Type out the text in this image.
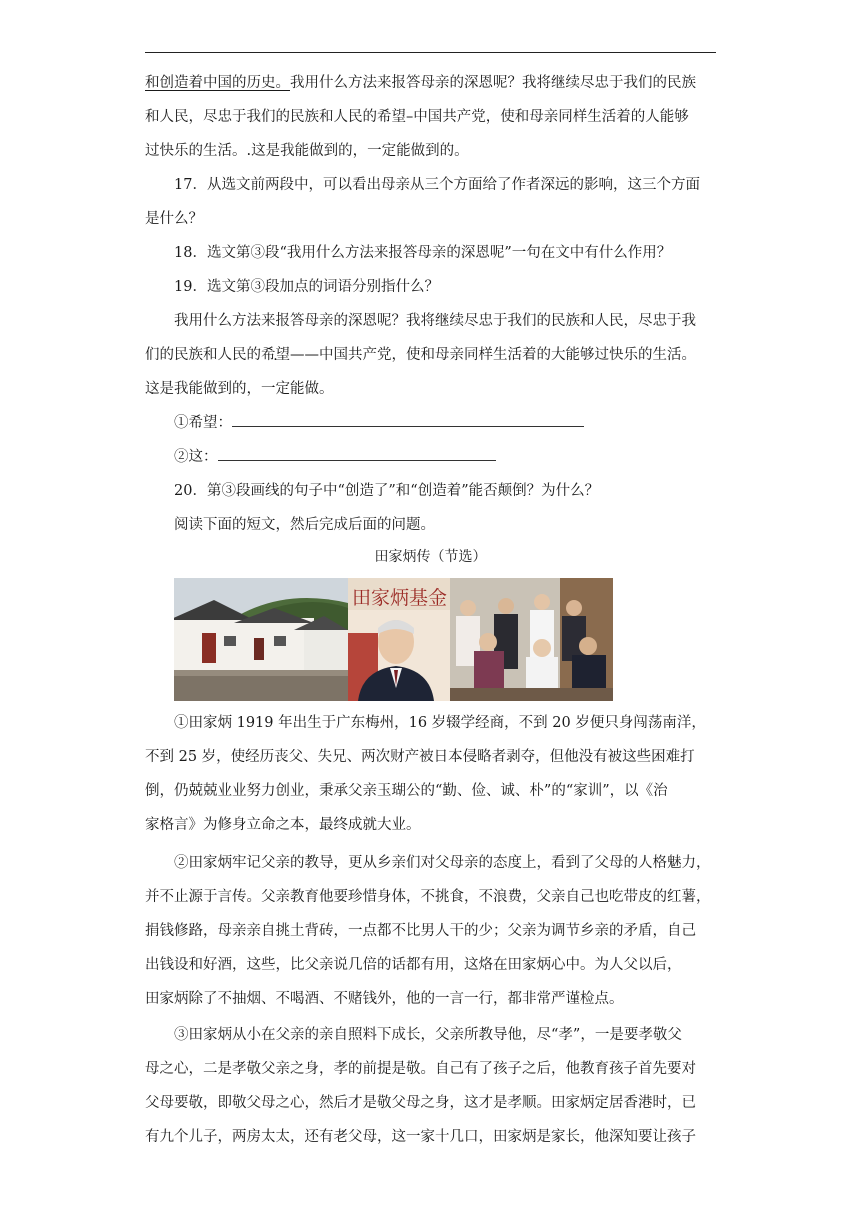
和创造着中国的历史。我用什么方法来报答母亲的深恩呢？我将继续尽忠于我们的民族

和人民，尽忠于我们的民族和人民的希望–中国共产党，使和母亲同样生活着的人能够

过快乐的生活。.这是我能做到的，一定能做到的。

17．从选文前两段中，可以看出母亲从三个方面给了作者深远的影响，这三个方面

是什么？

18．选文第③段“我用什么方法来报答母亲的深恩呢”一句在文中有什么作用？

19．选文第③段加点的词语分别指什么？

我用什么方法来报答母亲的深恩呢？我将继续尽忠于我们的民族和人民，尽忠于我

们的民族和人民的希望——中国共产党，使和母亲同样生活着的大能够过快乐的生活。

这是我能做到的，一定能做。

①希望：

②这：

20．第③段画线的句子中“创造了”和“创造着”能否颠倒？为什么？

阅读下面的短文，然后完成后面的问题。

田家炳传（节选）

①田家炳 1919 年出生于广东梅州，16 岁辍学经商，不到 20 岁便只身闯荡南洋，

不到 25 岁，使经历丧父、失兄、两次财产被日本侵略者剥夺，但他没有被这些困难打

倒，仍兢兢业业努力创业，秉承父亲玉瑚公的“勤、俭、诚、朴”的“家训”，以《治

家格言》为修身立命之本，最终成就大业。

②田家炳牢记父亲的教导，更从乡亲们对父母亲的态度上，看到了父母的人格魅力，

并不止源于言传。父亲教育他要珍惜身体，不挑食，不浪费，父亲自己也吃带皮的红薯，

捐钱修路，母亲亲自挑土背砖，一点都不比男人干的少；父亲为调节乡亲的矛盾，自己

出钱设和好酒，这些，比父亲说几倍的话都有用，这烙在田家炳心中。为人父以后，

田家炳除了不抽烟、不喝酒、不赌钱外，他的一言一行，都非常严谨检点。

③田家炳从小在父亲的亲自照料下成长，父亲所教导他，尽“孝”，一是要孝敬父

母之心，二是孝敬父亲之身，孝的前提是敬。自己有了孩子之后，他教育孩子首先要对

父母要敬，即敬父母之心，然后才是敬父母之身，这才是孝顺。田家炳定居香港时，已

有九个儿子，两房太太，还有老父母，这一家十几口，田家炳是家长，他深知要让孩子

田家炳基金
